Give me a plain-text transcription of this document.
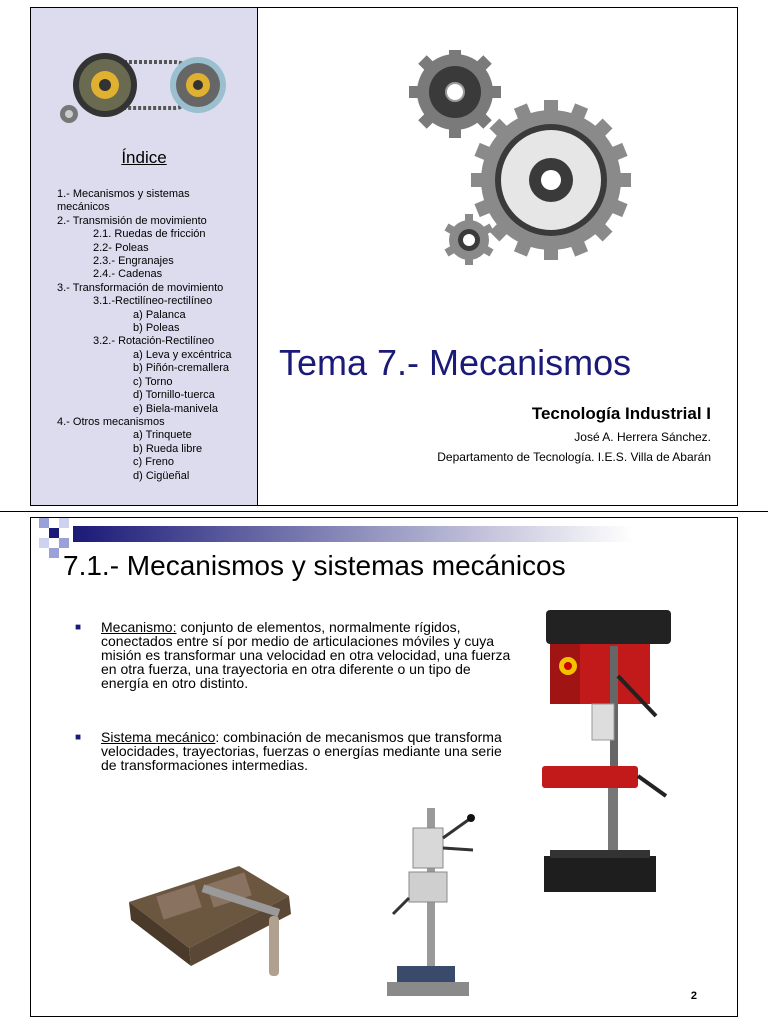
Índice
1.- Mecanismos y sistemas
mecánicos
2.- Transmisión de movimiento
2.1. Ruedas de fricción
2.2- Poleas
2.3.- Engranajes
2.4.- Cadenas
3.- Transformación de movimiento
3.1.-Rectilíneo-rectilíneo
a) Palanca
b) Poleas
3.2.- Rotación-Rectilíneo
a) Leva y excéntrica
b) Piñón-cremallera
c) Torno
d) Tornillo-tuerca
e) Biela-manivela
4.- Otros mecanismos
a) Trinquete
b) Rueda libre
c) Freno
d) Cigüeñal
Tema 7.- Mecanismos
Tecnología Industrial I
José A. Herrera Sánchez.
Departamento de Tecnología. I.E.S. Villa de Abarán
7.1.- Mecanismos y sistemas mecánicos
■	Mecanismo: conjunto de elementos, normalmente rígidos, conectados entre sí por medio de articulaciones móviles y cuya misión es transformar una velocidad en otra velocidad, una fuerza en otra fuerza, una trayectoria en otra diferente o un tipo de energía en otro distinto.
■	Sistema mecánico: combinación de mecanismos que transforma velocidades, trayectorias, fuerzas o energías mediante una serie de transformaciones intermedias.
2
